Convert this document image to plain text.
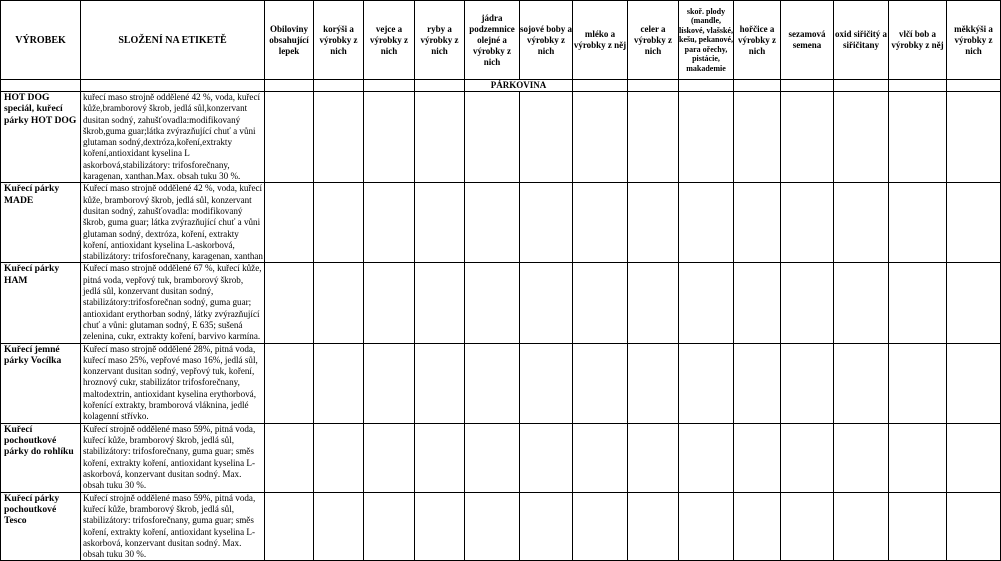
VÝROBEK	SLOŽENÍ NA ETIKETĚ	Obiloviny obsahující lepek	korýši a výrobky z nich	vejce a výrobky z nich	ryby a výrobky z nich	jádra podzemnice olejné a výrobky z nich	sojové boby a výrobky z nich	mléko a výrobky z něj	celer a výrobky z nich	skoř. plody (mandle, lískové, vlašské, kešu, pekanové, para ořechy, pistácie, makademie	hořčice a výrobky z nich	sezamová semena	oxid siřičitý a siřičitany	vlčí bob a výrobky z něj	měkkýši a výrobky z nich
						PÁRKOVINA									
HOT DOG speciál, kuřecí párky HOT DOG	kuřecí maso strojně oddělené 42 %, voda, kuřecí kůže,bramborový škrob, jedlá sůl,konzervant dusitan sodný, zahušťovadla:modifikovaný škrob,guma guar;látka zvýrazňující chuť a vůni glutaman sodný,dextróza,koření,extrakty koření,antioxidant kyselina L askorbová,stabilizátory: trifosforečnany, karagenan, xanthan.Max. obsah tuku 30 %.														
Kuřecí párky MADE	Kuřecí maso strojně oddělené 42 %, voda, kuřecí kůže, bramborový škrob, jedlá sůl, konzervant dusitan sodný, zahušťovadla: modifikovaný škrob, guma guar; látka zvýrazňující chuť a vůni glutaman sodný, dextróza, koření, extrakty koření, antioxidant kyselina L-askorbová, stabilizátory: trifosforečnany, karagenan, xanthan														
Kuřecí párky HAM	Kuřecí maso strojně oddělené 67 %, kuřecí kůže, pitná voda, vepřový tuk, bramborový škrob, jedlá sůl, konzervant dusitan sodný, stabilizátory:trifosforečnan sodný, guma guar; antioxidant erythorban sodný, látky zvýrazňující chuť a vůni: glutaman sodný, E 635; sušená zelenina, cukr, extrakty koření, barvivo karmína.														
Kuřecí jemné párky Vocílka	Kuřecí maso strojně oddělené 28%, pitná voda, kuřecí maso 25%, vepřové maso 16%, jedlá sůl, konzervant dusitan sodný, vepřový tuk, koření, hroznový cukr, stabilizátor trifosforečnany, maltodextrin, antioxidant kyselina erythorbová, kořenící extrakty, bramborová vláknina, jedlé kolagenní střívko.														
Kuřecí pochoutkové párky do rohlíku	Kuřecí strojně oddělené maso 59%, pitná voda, kuřecí kůže, bramborový škrob, jedlá sůl, stabilizátory: trifosforečnany, guma guar; směs koření, extrakty koření, antioxidant kyselina L-askorbová, konzervant dusitan sodný. Max. obsah tuku 30 %.														
Kuřecí párky pochoutkové Tesco	Kuřecí strojně oddělené maso 59%, pitná voda, kuřecí kůže, bramborový škrob, jedlá sůl, stabilizátory: trifosforečnany, guma guar; směs koření, extrakty koření, antioxidant kyselina L-askorbová, konzervant dusitan sodný. Max. obsah tuku 30 %.														
